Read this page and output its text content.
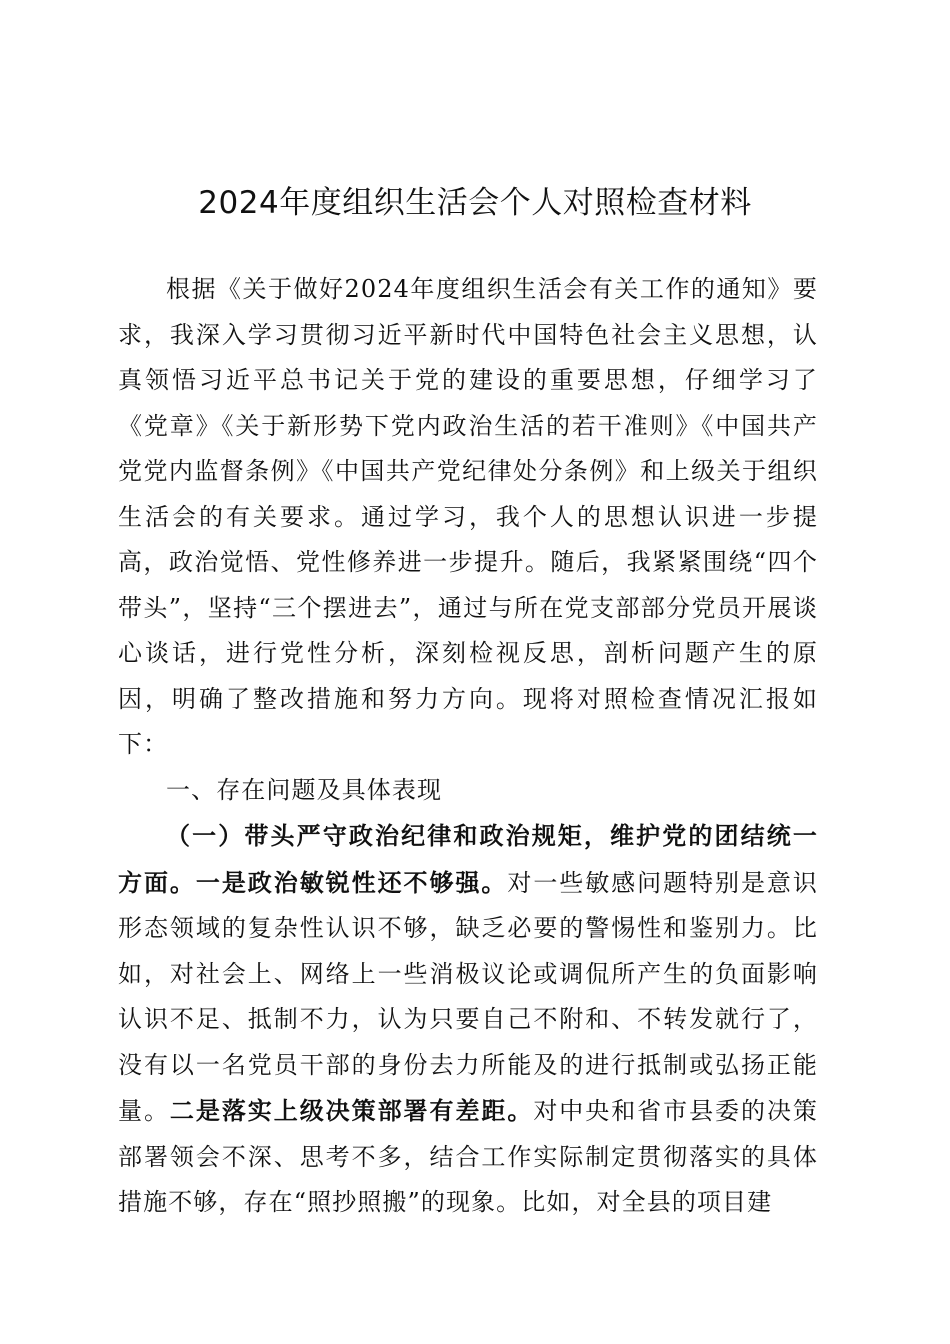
2024年度组织生活会个人对照检查材料

根据《关于做好2024年度组织生活会有关工作的通知》要求，我深入学习贯彻习近平新时代中国特色社会主义思想，认真领悟习近平总书记关于党的建设的重要思想，仔细学习了《党章》《关于新形势下党内政治生活的若干准则》《中国共产党党内监督条例》《中国共产党纪律处分条例》和上级关于组织生活会的有关要求。通过学习，我个人的思想认识进一步提高，政治觉悟、党性修养进一步提升。随后，我紧紧围绕“四个带头”，坚持“三个摆进去”，通过与所在党支部部分党员开展谈心谈话，进行党性分析，深刻检视反思，剖析问题产生的原因，明确了整改措施和努力方向。现将对照检查情况汇报如下：

一、存在问题及具体表现

（一）带头严守政治纪律和政治规矩，维护党的团结统一方面。一是政治敏锐性还不够强。对一些敏感问题特别是意识形态领域的复杂性认识不够，缺乏必要的警惕性和鉴别力。比如，对社会上、网络上一些消极议论或调侃所产生的负面影响认识不足、抵制不力，认为只要自己不附和、不转发就行了，没有以一名党员干部的身份去力所能及的进行抵制或弘扬正能量。二是落实上级决策部署有差距。对中央和省市县委的决策部署领会不深、思考不多，结合工作实际制定贯彻落实的具体措施不够，存在“照抄照搬”的现象。比如，对全县的项目建
